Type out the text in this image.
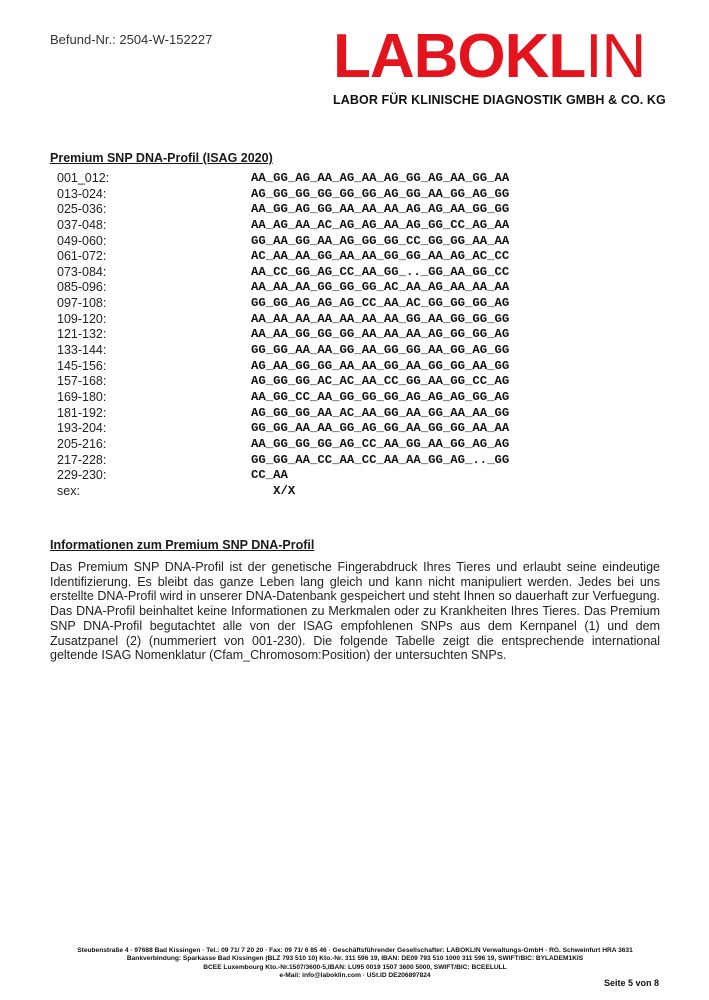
Befund-Nr.: 2504-W-152227 LABOKLIN
LABOR FÜR KLINISCHE DIAGNOSTIK GMBH & CO. KG
Premium SNP DNA-Profil (ISAG 2020)
001_012:	AA_GG_AG_AA_AG_AA_AG_GG_AG_AA_GG_AA
013-024:	AG_GG_GG_GG_GG_GG_AG_GG_AA_GG_AG_GG
025-036:	AA_GG_AG_GG_AA_AA_AA_AG_AG_AA_GG_GG
037-048:	AA_AG_AA_AC_AG_AG_AA_AG_GG_CC_AG_AA
049-060:	GG_AA_GG_AA_AG_GG_GG_CC_GG_GG_AA_AA
061-072:	AC_AA_AA_GG_AA_AA_GG_GG_AA_AG_AC_CC
073-084:	AA_CC_GG_AG_CC_AA_GG_.._GG_AA_GG_CC
085-096:	AA_AA_AA_GG_GG_GG_AC_AA_AG_AA_AA_AA
097-108:	GG_GG_AG_AG_AG_CC_AA_AC_GG_GG_GG_AG
109-120:	AA_AA_AA_AA_AA_AA_AA_GG_AA_GG_GG_GG
121-132:	AA_AA_GG_GG_GG_AA_AA_AA_AG_GG_GG_AG
133-144:	GG_GG_AA_AA_GG_AA_GG_GG_AA_GG_AG_GG
145-156:	AG_AA_GG_GG_AA_AA_GG_AA_GG_GG_AA_GG
157-168:	AG_GG_GG_AC_AC_AA_CC_GG_AA_GG_CC_AG
169-180:	AA_GG_CC_AA_GG_GG_GG_AG_AG_AG_GG_AG
181-192:	AG_GG_GG_AA_AC_AA_GG_AA_GG_AA_AA_GG
193-204:	GG_GG_AA_AA_GG_AG_GG_AA_GG_GG_AA_AA
205-216:	AA_GG_GG_GG_AG_CC_AA_GG_AA_GG_AG_AG
217-228:	GG_GG_AA_CC_AA_CC_AA_AA_GG_AG_.._GG
229-230:	CC_AA
sex:	X/X
Informationen zum Premium SNP DNA-Profil
Das Premium SNP DNA-Profil ist der genetische Fingerabdruck Ihres Tieres und erlaubt seine eindeutige Identifizierung. Es bleibt das ganze Leben lang gleich und kann nicht manipuliert werden. Jedes bei uns erstellte DNA-Profil wird in unserer DNA-Datenbank gespeichert und steht Ihnen so dauerhaft zur Verfuegung. Das DNA-Profil beinhaltet keine Informationen zu Merkmalen oder zu Krankheiten Ihres Tieres. Das Premium SNP DNA-Profil begutachtet alle von der ISAG empfohlenen SNPs aus dem Kernpanel (1) und dem Zusatzpanel (2) (nummeriert von 001-230). Die folgende Tabelle zeigt die entsprechende international geltende ISAG Nomenklatur (Cfam_Chromosom:Position) der untersuchten SNPs.
Steubenstraße 4 · 97688 Bad Kissingen · Tel.: 09 71/ 7 20 20 · Fax: 09 71/ 6 85 46 · Geschäftsführender Gesellschafter: LABOKLIN Verwaltungs-GmbH · RG. Schweinfurt HRA 3631
Bankverbindung: Sparkasse Bad Kissingen (BLZ 793 510 10) Kto.-Nr. 311 596 19, IBAN: DE09 793 510 1000 311 596 19, SWIFT/BIC: BYLADEM1KIS
BCEE Luxembourg Kto.-Nr.1507/3600-5,IBAN: LU95 0019 1507 3600 5000, SWIFT/BIC: BCEELULL
e-Mail: info@laboklin.com · USt.ID DE206897824
Seite 5 von 8
